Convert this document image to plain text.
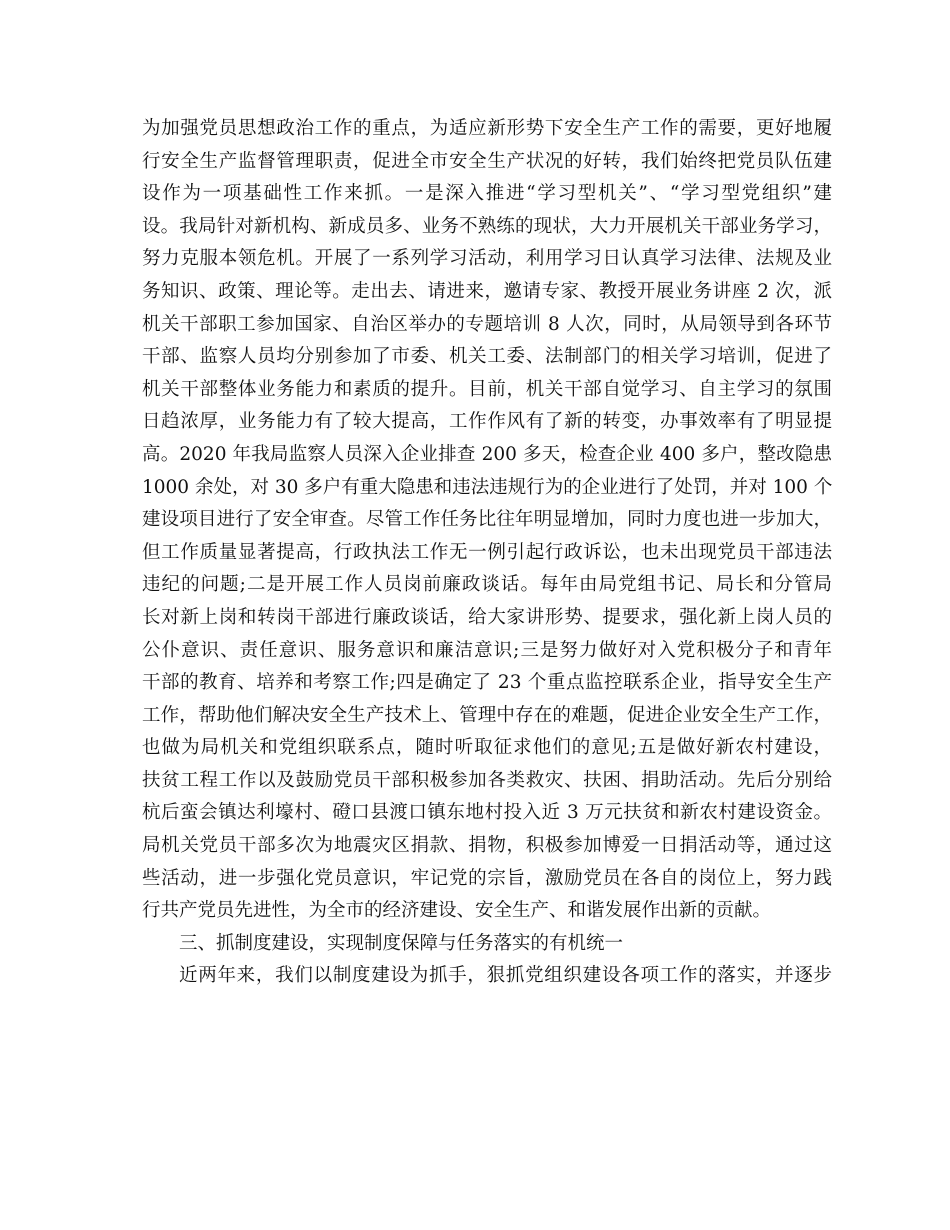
为加强党员思想政治工作的重点，为适应新形势下安全生产工作的需要，更好地履
行安全生产监督管理职责，促进全市安全生产状况的好转，我们始终把党员队伍建
设作为一项基础性工作来抓。一是深入推进“学习型机关”、“学习型党组织”建
设。我局针对新机构、新成员多、业务不熟练的现状，大力开展机关干部业务学习，
努力克服本领危机。开展了一系列学习活动，利用学习日认真学习法律、法规及业
务知识、政策、理论等。走出去、请进来，邀请专家、教授开展业务讲座 2 次，派
机关干部职工参加国家、自治区举办的专题培训 8 人次，同时，从局领导到各环节
干部、监察人员均分别参加了市委、机关工委、法制部门的相关学习培训，促进了
机关干部整体业务能力和素质的提升。目前，机关干部自觉学习、自主学习的氛围
日趋浓厚，业务能力有了较大提高，工作作风有了新的转变，办事效率有了明显提
高。2020 年我局监察人员深入企业排查 200 多天，检查企业 400 多户，整改隐患
1000 余处，对 30 多户有重大隐患和违法违规行为的企业进行了处罚，并对 100 个
建设项目进行了安全审查。尽管工作任务比往年明显增加，同时力度也进一步加大，
但工作质量显著提高，行政执法工作无一例引起行政诉讼，也未出现党员干部违法
违纪的问题;二是开展工作人员岗前廉政谈话。每年由局党组书记、局长和分管局
长对新上岗和转岗干部进行廉政谈话，给大家讲形势、提要求，强化新上岗人员的
公仆意识、责任意识、服务意识和廉洁意识;三是努力做好对入党积极分子和青年
干部的教育、培养和考察工作;四是确定了 23 个重点监控联系企业，指导安全生产
工作，帮助他们解决安全生产技术上、管理中存在的难题，促进企业安全生产工作，
也做为局机关和党组织联系点，随时听取征求他们的意见;五是做好新农村建设，
扶贫工程工作以及鼓励党员干部积极参加各类救灾、扶困、捐助活动。先后分别给
杭后蛮会镇达利壕村、磴口县渡口镇东地村投入近 3 万元扶贫和新农村建设资金。
局机关党员干部多次为地震灾区捐款、捐物，积极参加博爱一日捐活动等，通过这
些活动，进一步强化党员意识，牢记党的宗旨，激励党员在各自的岗位上，努力践
行共产党员先进性，为全市的经济建设、安全生产、和谐发展作出新的贡献。
三、抓制度建设，实现制度保障与任务落实的有机统一
近两年来，我们以制度建设为抓手，狠抓党组织建设各项工作的落实，并逐步
